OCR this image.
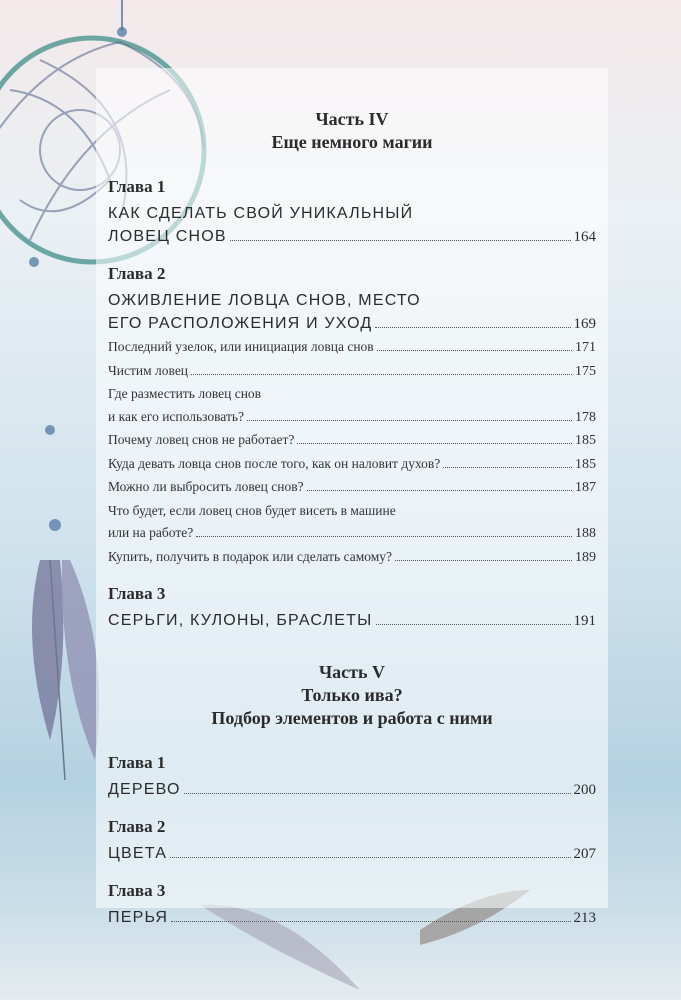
Часть IV

Еще немного магии

Глава 1

КАК СДЕЛАТЬ СВОЙ УНИКАЛЬНЫЙ

ЛОВЕЦ СНОВ	164

Глава 2

ОЖИВЛЕНИЕ ЛОВЦА СНОВ, МЕСТО

ЕГО РАСПОЛОЖЕНИЯ И УХОД	169
Последний узелок, или инициация ловца снов	171
Чистим ловец	175

Где разместить ловец снов

и как его использовать?	178
Почему ловец снов не работает?	185
Куда девать ловца снов после того, как он наловит духов?	185
Можно ли выбросить ловец снов?	187

Что будет, если ловец снов будет висеть в машине

или на работе?	188
Купить, получить в подарок или сделать самому?	189

Глава 3

СЕРЬГИ, КУЛОНЫ, БРАСЛЕТЫ	191

Часть V

Только ива?

Подбор элементов и работа с ними

Глава 1

ДЕРЕВО	200

Глава 2

ЦВЕТА	207

Глава 3

ПЕРЬЯ	213
